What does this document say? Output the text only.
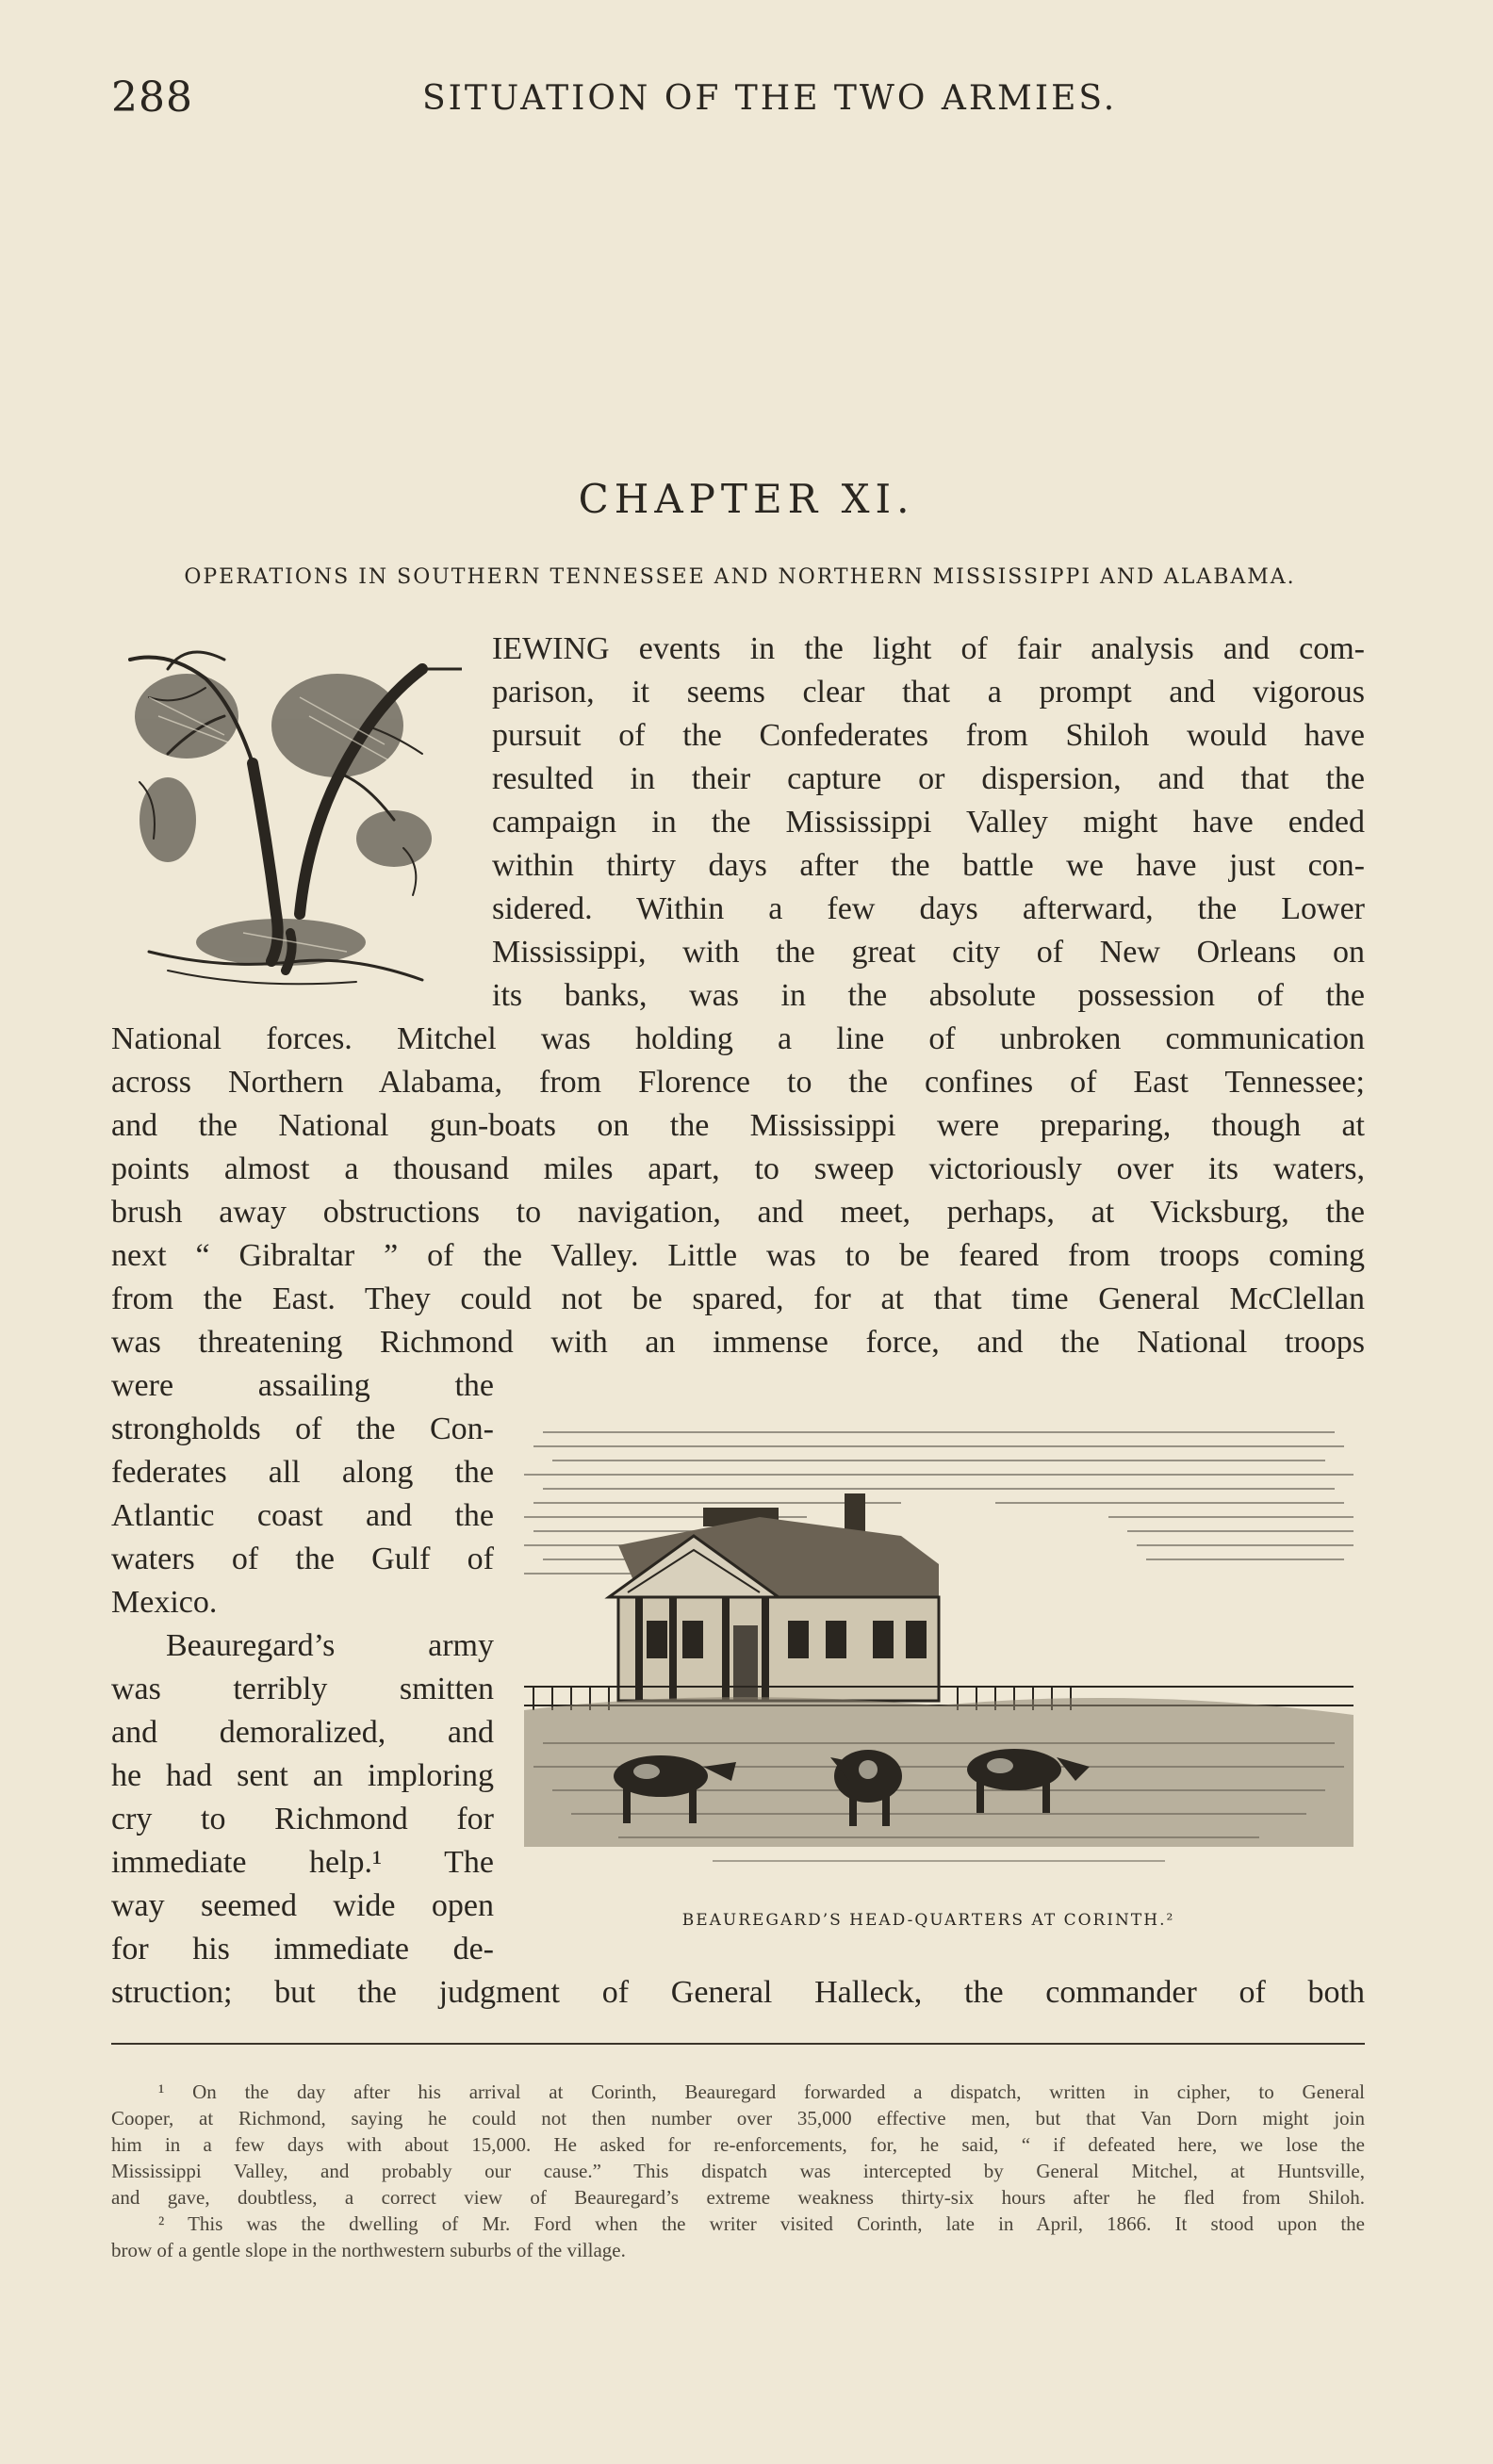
288	SITUATION OF THE TWO ARMIES.
CHAPTER XI.
OPERATIONS IN SOUTHERN TENNESSEE AND NORTHERN MISSISSIPPI AND ALABAMA.
IEWING events in the light of fair analysis and com-
parison, it seems clear that a prompt and vigorous
pursuit of the Confederates from Shiloh would have
resulted in their capture or dispersion, and that the
campaign in the Mississippi Valley might have ended
within thirty days after the battle we have just con-
sidered. Within a few days afterward, the Lower
Mississippi, with the great city of New Orleans on
its banks, was in the absolute possession of the
National forces. Mitchel was holding a line of unbroken communication
across Northern Alabama, from Florence to the confines of East Tennessee;
and the National gun-boats on the Mississippi were preparing, though at
points almost a thousand miles apart, to sweep victoriously over its waters,
brush away obstructions to navigation, and meet, perhaps, at Vicksburg, the
next “ Gibraltar ” of the Valley. Little was to be feared from troops coming
from the East. They could not be spared, for at that time General McClellan
was threatening Richmond with an immense force, and the National troops
were assailing the
strongholds of the Con-
federates all along the
Atlantic coast and the
waters of the Gulf of
Mexico.
Beauregard’s army
was terribly smitten
and demoralized, and
he had sent an imploring
cry to Richmond for
immediate help.¹ The
way seemed wide open
for his immediate de-
struction; but the judgment of General Halleck, the commander of both
BEAUREGARD’S HEAD-QUARTERS AT CORINTH.²
¹ On the day after his arrival at Corinth, Beauregard forwarded a dispatch, written in cipher, to General
Cooper, at Richmond, saying he could not then number over 35,000 effective men, but that Van Dorn might join
him in a few days with about 15,000. He asked for re-enforcements, for, he said, “ if defeated here, we lose the
Mississippi Valley, and probably our cause.” This dispatch was intercepted by General Mitchel, at Huntsville,
and gave, doubtless, a correct view of Beauregard’s extreme weakness thirty-six hours after he fled from Shiloh.
² This was the dwelling of Mr. Ford when the writer visited Corinth, late in April, 1866. It stood upon the
brow of a gentle slope in the northwestern suburbs of the village.
